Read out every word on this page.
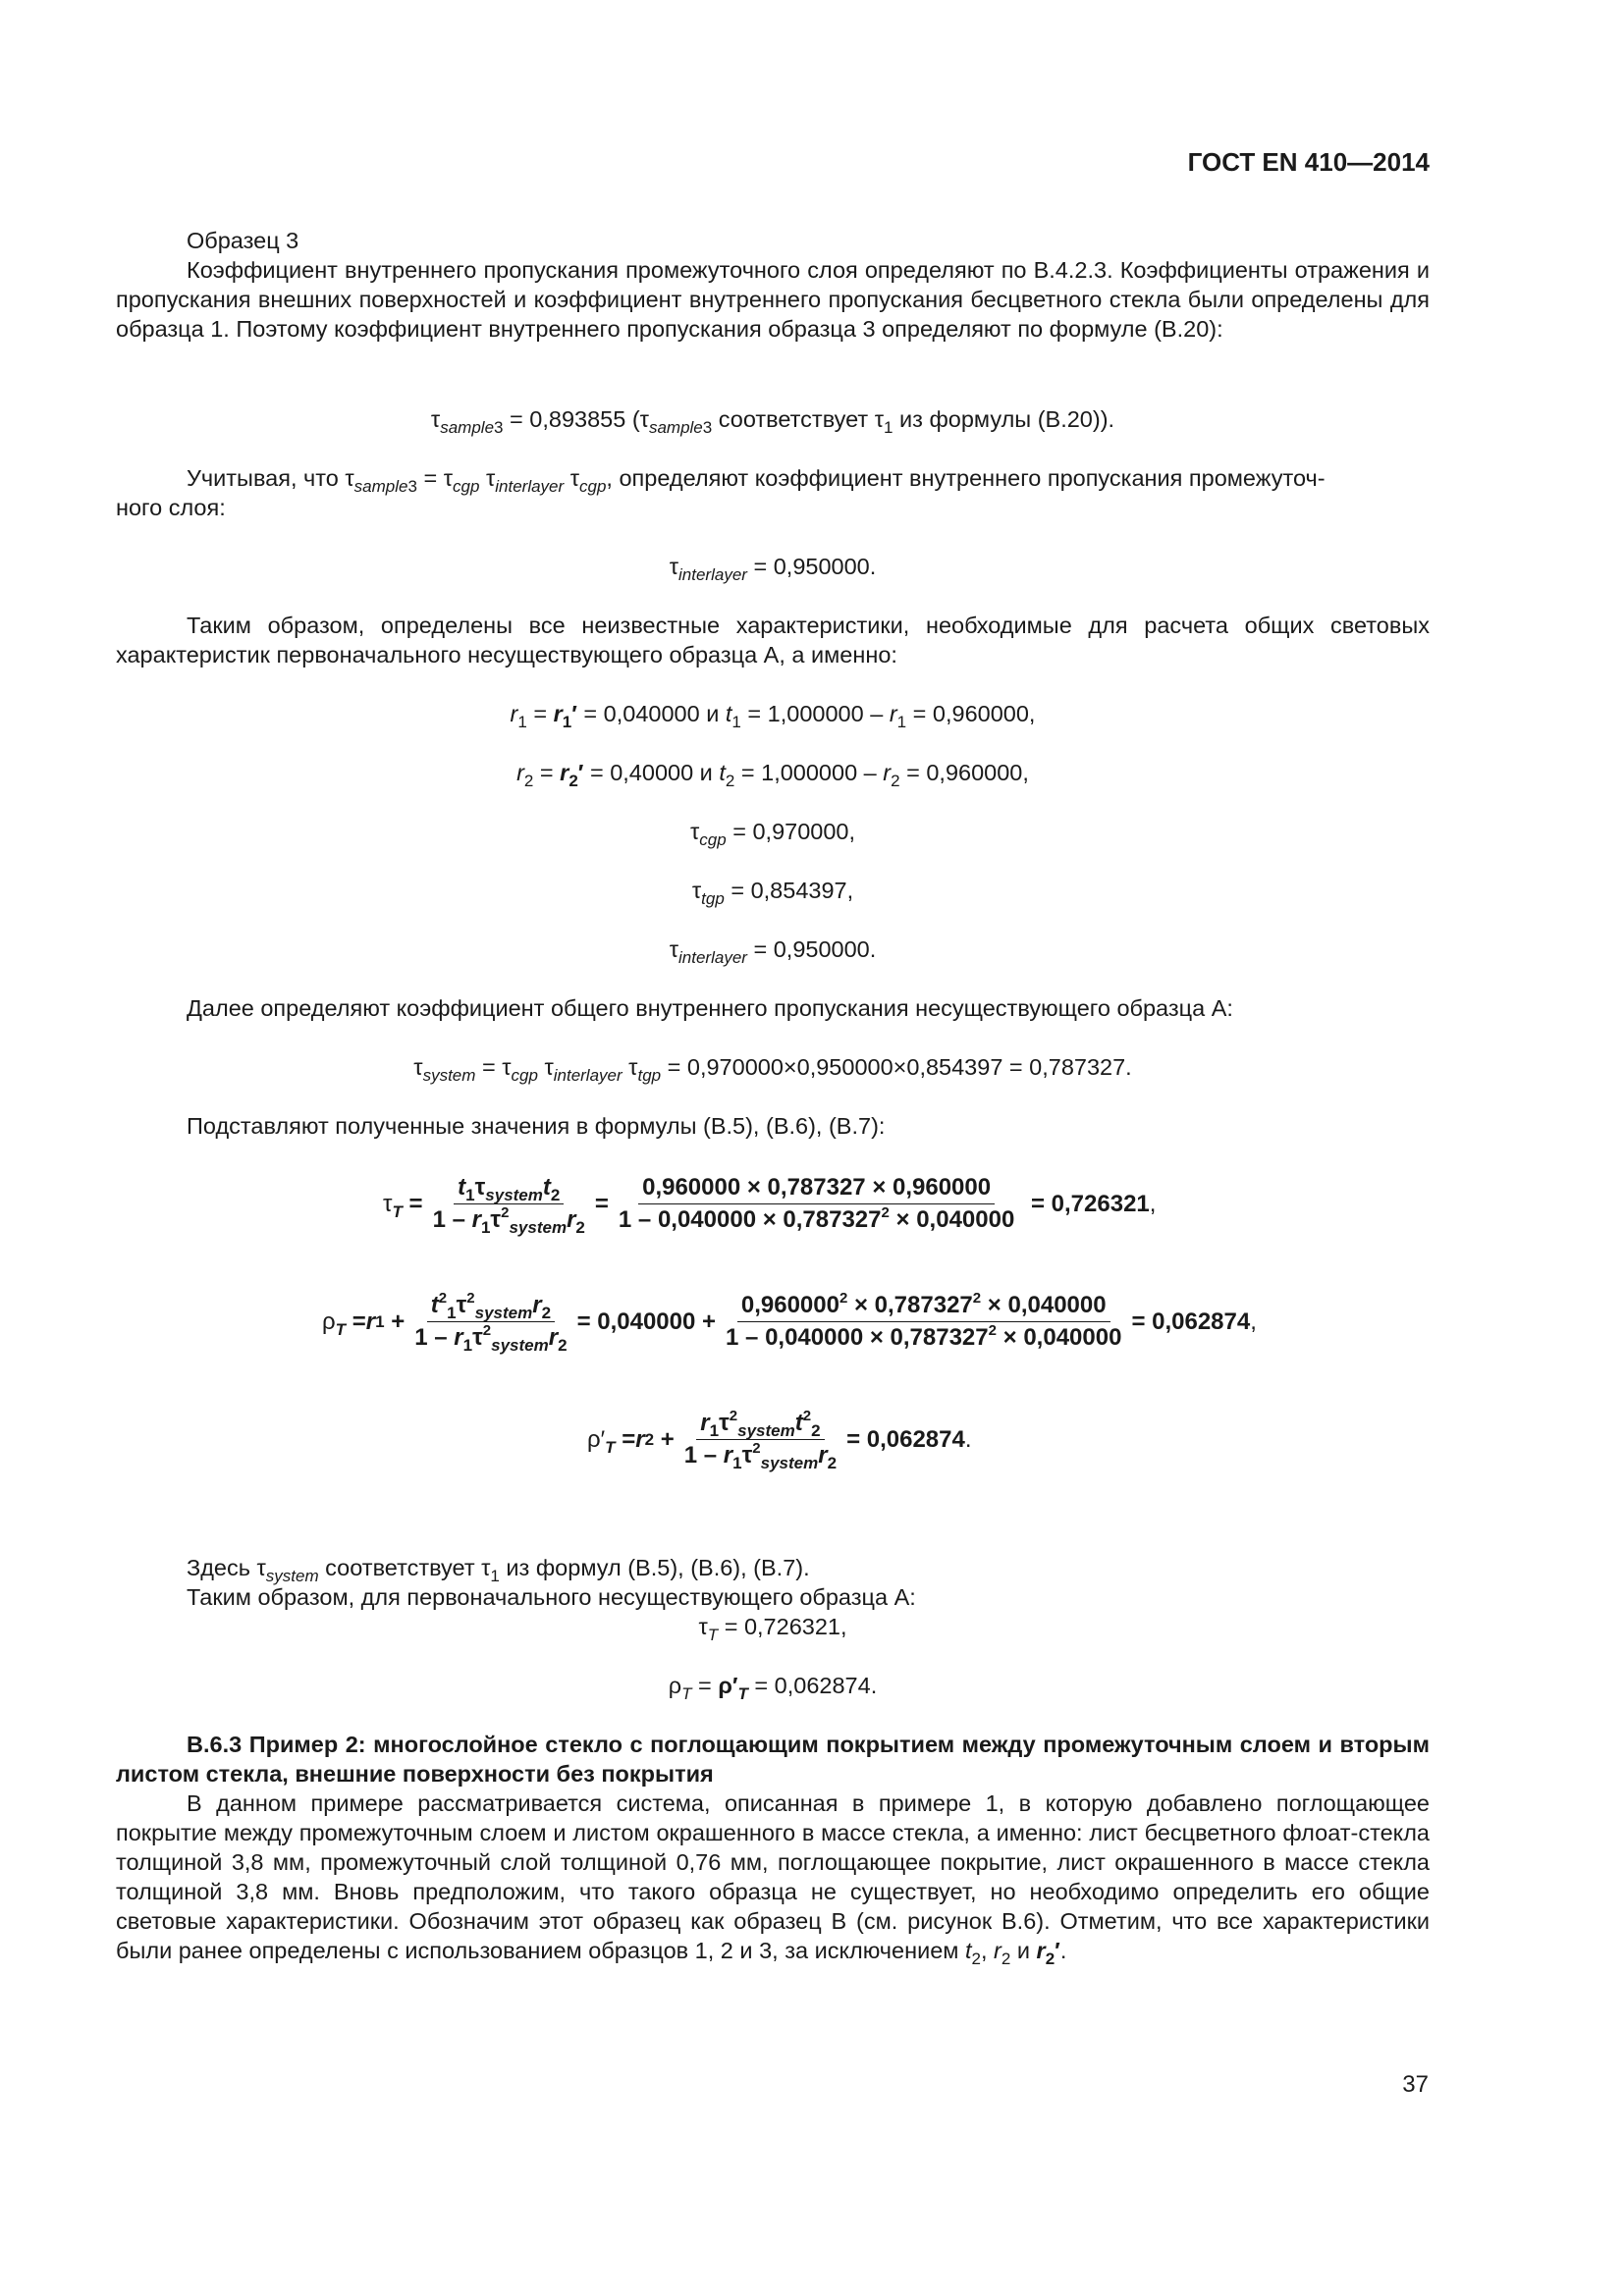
ГОСТ EN 410—2014
Образец 3
Коэффициент внутреннего пропускания промежуточного слоя определяют по B.4.2.3. Коэффициенты отражения и пропускания внешних поверхностей и коэффициент внутреннего пропускания бесцветного стекла были определены для образца 1. Поэтому коэффициент внутреннего пропускания образца 3 определяют по формуле (B.20):
$\tau_{sample3} = 0,893855$ ($\tau_{sample3}$ соответствует $\tau_1$ из формулы (B.20)).
Учитывая, что $\tau_{sample3} = \tau_{cgp}$ $\tau_{interlayer}$ $\tau_{cgp}$, определяют коэффициент внутреннего пропускания промежуточ-
ного слоя:
$\tau_{interlayer} = 0,950000$.
Таким образом, определены все неизвестные характеристики, необходимые для расчета общих световых характеристик первоначального несуществующего образца А, а именно:
$r_1 = r_1' = 0,040000$ и $t_1 = 1,000000 - r_1 = 0,960000$,
$r_2 = r_2' = 0,40000$ и $t_2 = 1,000000 - r_2 = 0,960000$,
$\tau_{cgp} = 0,970000$,
$\tau_{tgp} = 0,854397$,
$\tau_{interlayer} = 0,950000$.
Далее определяют коэффициент общего внутреннего пропускания несуществующего образца А:
$\tau_{system} = \tau_{cgp}$ $\tau_{interlayer}$ $\tau_{tgp} = 0,970000\times 0,950000\times 0,854397 = 0,787327$.
Подставляют полученные значения в формулы (B.5), (B.6), (B.7):
$\tau_T = \frac{t_1\tau_{system}t_2}{1 - r_1\tau^2_{system}r_2} = \frac{0,960000 \times 0,787327 \times 0,960000}{1 - 0,040000 \times 0,787327^2 \times 0,040000}$
= 0,726321 ,
$\rho_T = r$ $1 + \frac{t^2_1\tau^2_{system}r_2}{1 - r_1\tau^2_{system}r_2} = 0,040000 + \frac{0,960000^2 \times 0,787327^2 \times 0,040000}{1 - 0,040000 \times 0,787327^2 \times 0,040000} = 0,062874$ ,
$\rho'_T = r$ $2 + \frac{r_1\tau^2_{system}t^2_2}{1 - r_1\tau^2_{system}r_2} = 0,062874$ .
Здесь $\tau_{system}$ соответствует $\tau_1$ из формул (B.5), (B.6), (B.7).
Таким образом, для первоначального несуществующего образца А:
$\tau_T = 0,726321$,
$\rho_T = \rho'_T = 0,062874$.
B.6.3 Пример 2: многослойное стекло с поглощающим покрытием между промежуточным слоем и вторым листом стекла, внешние поверхности без покрытия
В данном примере рассматривается система, описанная в примере 1, в которую добавлено поглощающее покрытие между промежуточным слоем и листом окрашенного в массе стекла, а именно: лист бесцветного флоат-стекла толщиной 3,8 мм, промежуточный слой толщиной 0,76 мм, поглощающее покрытие, лист окрашенного в массе стекла толщиной 3,8 мм. Вновь предположим, что такого образца не существует, но необходимо определить его общие световые характеристики. Обозначим этот образец как образец В (см. рисунок B.6). Отметим, что все характеристики были ранее определены с использованием образцов 1, 2 и 3, за исключением $t_2$, $r_2$ и $r_2'$.
37
